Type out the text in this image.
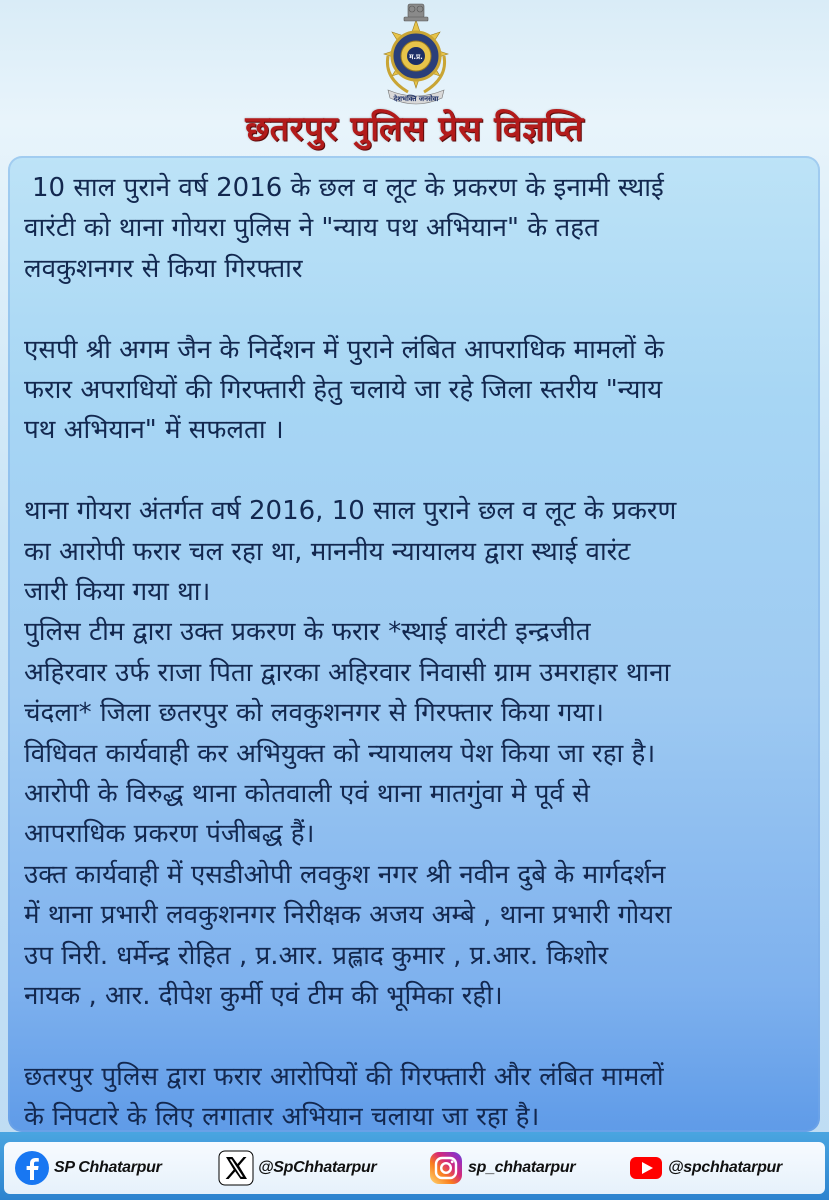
म.प्र.
देशभक्ति जनसेवा
छतरपुर पुलिस प्रेस विज्ञप्ति

10 साल पुराने वर्ष 2016 के छल व लूट के प्रकरण के इनामी स्थाई

वारंटी को थाना गोयरा पुलिस ने "न्याय पथ अभियान" के तहत

लवकुशनगर से किया गिरफ्तार

एसपी श्री अगम जैन के निर्देशन में पुराने लंबित आपराधिक मामलों के

फरार अपराधियों की गिरफ्तारी हेतु चलाये जा रहे जिला स्तरीय "न्याय

पथ अभियान" में सफलता ।

थाना गोयरा अंतर्गत वर्ष 2016, 10 साल पुराने छल व लूट के प्रकरण

का आरोपी फरार चल रहा था, माननीय न्यायालय द्वारा स्थाई वारंट

जारी किया गया था।

पुलिस टीम द्वारा उक्त प्रकरण के फरार *स्थाई वारंटी इन्द्रजीत

अहिरवार उर्फ राजा पिता द्वारका अहिरवार निवासी ग्राम उमराहार थाना

चंदला* जिला छतरपुर को लवकुशनगर से गिरफ्तार किया गया।

विधिवत कार्यवाही कर अभियुक्त को न्यायालय पेश किया जा रहा है।

आरोपी के विरुद्ध थाना कोतवाली एवं थाना मातगुंवा मे पूर्व से

आपराधिक प्रकरण पंजीबद्ध हैं।

उक्त कार्यवाही में एसडीओपी लवकुश नगर श्री नवीन दुबे के मार्गदर्शन

में थाना प्रभारी लवकुशनगर निरीक्षक अजय अम्बे , थाना प्रभारी गोयरा

उप निरी. धर्मेन्द्र रोहित , प्र.आर. प्रह्लाद कुमार , प्र.आर. किशोर

नायक , आर. दीपेश कुर्मी एवं टीम की भूमिका रही।

छतरपुर पुलिस द्वारा फरार आरोपियों की गिरफ्तारी और लंबित मामलों

के निपटारे के लिए लगातार अभियान चलाया जा रहा है।

SP Chhatarpur	@SpChhatarpur	sp_chhatarpur	@spchhatarpur
